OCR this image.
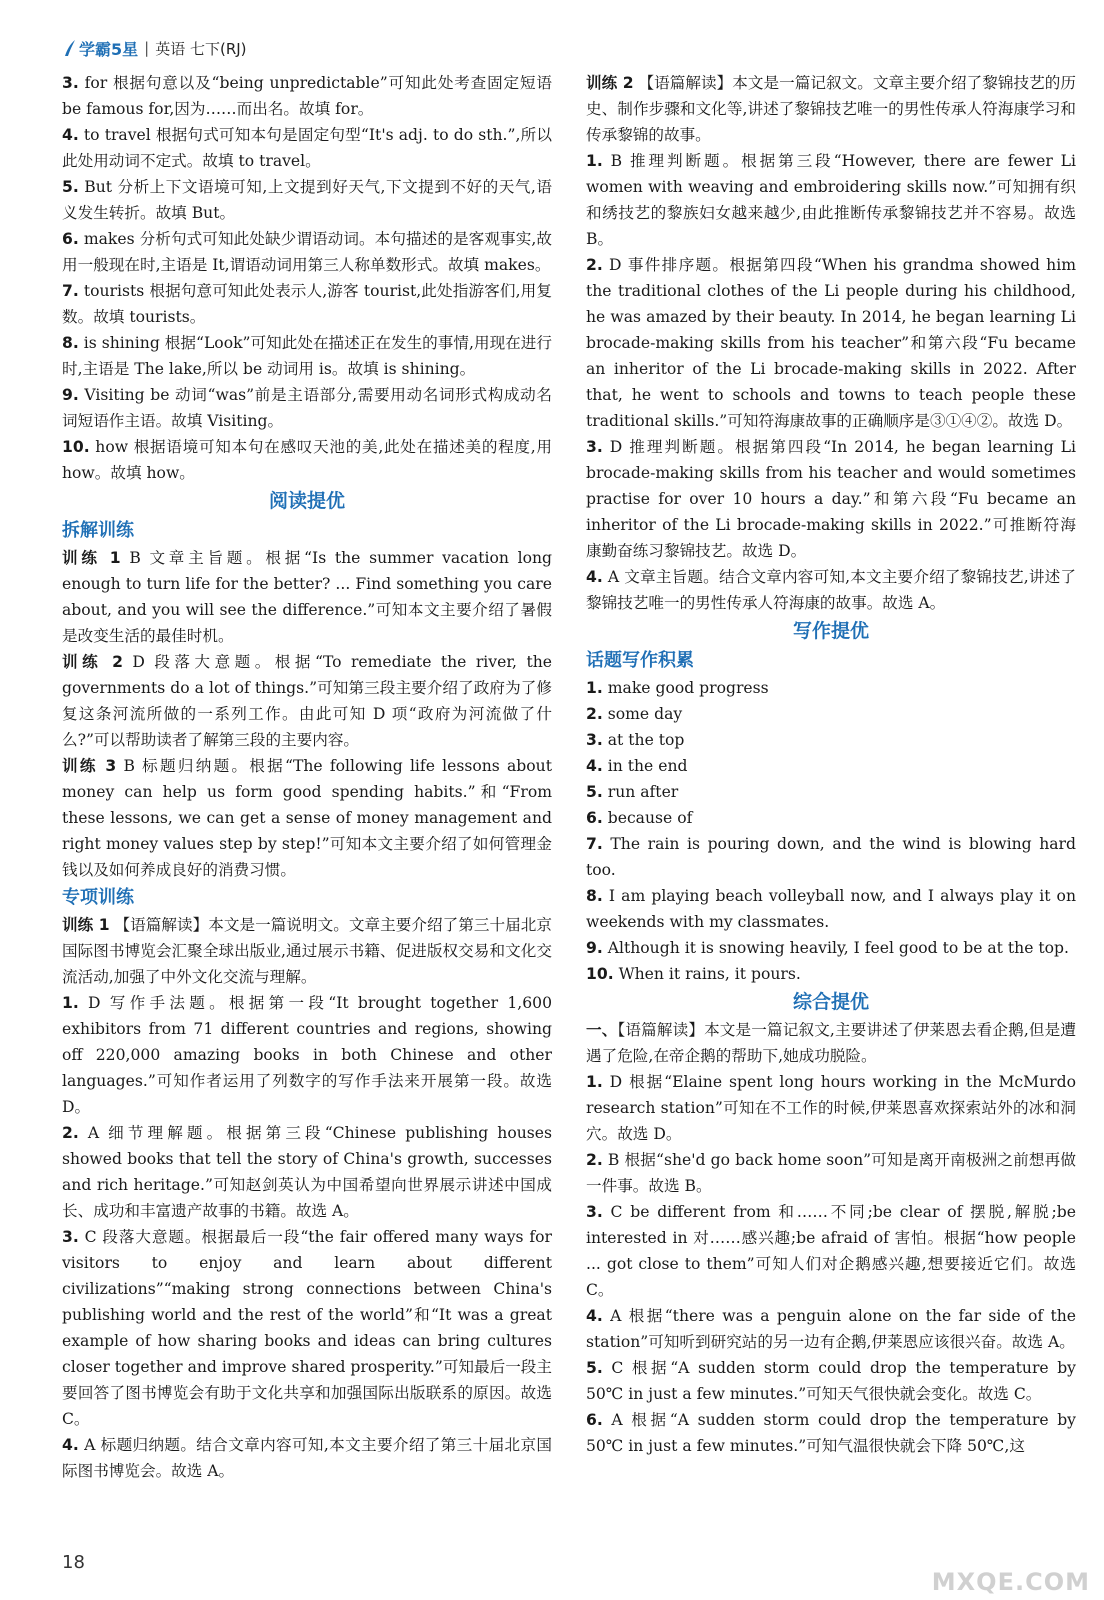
学霸5星 | 英语 七下(RJ)

3. for 根据句意以及“being unpredictable”可知此处考查固定短语 be famous for,因为……而出名。故填 for。

4. to travel 根据句式可知本句是固定句型“It's adj. to do sth.”,所以此处用动词不定式。故填 to travel。

5. But 分析上下文语境可知,上文提到好天气,下文提到不好的天气,语义发生转折。故填 But。

6. makes 分析句式可知此处缺少谓语动词。本句描述的是客观事实,故用一般现在时,主语是 It,谓语动词用第三人称单数形式。故填 makes。

7. tourists 根据句意可知此处表示人,游客 tourist,此处指游客们,用复数。故填 tourists。

8. is shining 根据“Look”可知此处在描述正在发生的事情,用现在进行时,主语是 The lake,所以 be 动词用 is。故填 is shining。

9. Visiting be 动词“was”前是主语部分,需要用动名词形式构成动名词短语作主语。故填 Visiting。

10. how 根据语境可知本句在感叹天池的美,此处在描述美的程度,用 how。故填 how。

阅读提优
拆解训练

训练 1 B 文章主旨题。根据“Is the summer vacation long enough to turn life for the better? ... Find something you care about, and you will see the difference.”可知本文主要介绍了暑假是改变生活的最佳时机。

训练 2 D 段落大意题。根据“To remediate the river, the governments do a lot of things.”可知第三段主要介绍了政府为了修复这条河流所做的一系列工作。由此可知 D 项“政府为河流做了什么?”可以帮助读者了解第三段的主要内容。

训练 3 B 标题归纳题。根据“The following life lessons about money can help us form good spending habits.”和“From these lessons, we can get a sense of money management and right money values step by step!”可知本文主要介绍了如何管理金钱以及如何养成良好的消费习惯。

专项训练

训练 1 【语篇解读】本文是一篇说明文。文章主要介绍了第三十届北京国际图书博览会汇聚全球出版业,通过展示书籍、促进版权交易和文化交流活动,加强了中外文化交流与理解。

1. D 写作手法题。根据第一段“It brought together 1,600 exhibitors from 71 different countries and regions, showing off 220,000 amazing books in both Chinese and other languages.”可知作者运用了列数字的写作手法来开展第一段。故选 D。

2. A 细节理解题。根据第三段“Chinese publishing houses showed books that tell the story of China's growth, successes and rich heritage.”可知赵剑英认为中国希望向世界展示讲述中国成长、成功和丰富遗产故事的书籍。故选 A。

3. C 段落大意题。根据最后一段“the fair offered many ways for visitors to enjoy and learn about different civilizations”“making strong connections between China's publishing world and the rest of the world”和“It was a great example of how sharing books and ideas can bring cultures closer together and improve shared prosperity.”可知最后一段主要回答了图书博览会有助于文化共享和加强国际出版联系的原因。故选 C。

4. A 标题归纳题。结合文章内容可知,本文主要介绍了第三十届北京国际图书博览会。故选 A。

训练 2 【语篇解读】本文是一篇记叙文。文章主要介绍了黎锦技艺的历史、制作步骤和文化等,讲述了黎锦技艺唯一的男性传承人符海康学习和传承黎锦的故事。

1. B 推理判断题。根据第三段“However, there are fewer Li women with weaving and embroidering skills now.”可知拥有织和绣技艺的黎族妇女越来越少,由此推断传承黎锦技艺并不容易。故选 B。

2. D 事件排序题。根据第四段“When his grandma showed him the traditional clothes of the Li people during his childhood, he was amazed by their beauty. In 2014, he began learning Li brocade-making skills from his teacher”和第六段“Fu became an inheritor of the Li brocade-making skills in 2022. After that, he went to schools and towns to teach people these traditional skills.”可知符海康故事的正确顺序是③①④②。故选 D。

3. D 推理判断题。根据第四段“In 2014, he began learning Li brocade-making skills from his teacher and would sometimes practise for over 10 hours a day.”和第六段“Fu became an inheritor of the Li brocade-making skills in 2022.”可推断符海康勤奋练习黎锦技艺。故选 D。

4. A 文章主旨题。结合文章内容可知,本文主要介绍了黎锦技艺,讲述了黎锦技艺唯一的男性传承人符海康的故事。故选 A。

写作提优
话题写作积累

1. make good progress

2. some day

3. at the top

4. in the end

5. run after

6. because of

7. The rain is pouring down, and the wind is blowing hard too.

8. I am playing beach volleyball now, and I always play it on weekends with my classmates.

9. Although it is snowing heavily, I feel good to be at the top.

10. When it rains, it pours.

综合提优

一、【语篇解读】本文是一篇记叙文,主要讲述了伊莱恩去看企鹅,但是遭遇了危险,在帝企鹅的帮助下,她成功脱险。

1. D 根据“Elaine spent long hours working in the McMurdo research station”可知在不工作的时候,伊莱恩喜欢探索站外的冰和洞穴。故选 D。

2. B 根据“she'd go back home soon”可知是离开南极洲之前想再做一件事。故选 B。

3. C be different from 和……不同;be clear of 摆脱,解脱;be interested in 对……感兴趣;be afraid of 害怕。根据“how people ... got close to them”可知人们对企鹅感兴趣,想要接近它们。故选 C。

4. A 根据“there was a penguin alone on the far side of the station”可知听到研究站的另一边有企鹅,伊莱恩应该很兴奋。故选 A。

5. C 根据“A sudden storm could drop the temperature by 50℃ in just a few minutes.”可知天气很快就会变化。故选 C。

6. A 根据“A sudden storm could drop the temperature by 50℃ in just a few minutes.”可知气温很快就会下降 50℃,这

18
MXQE.COM
